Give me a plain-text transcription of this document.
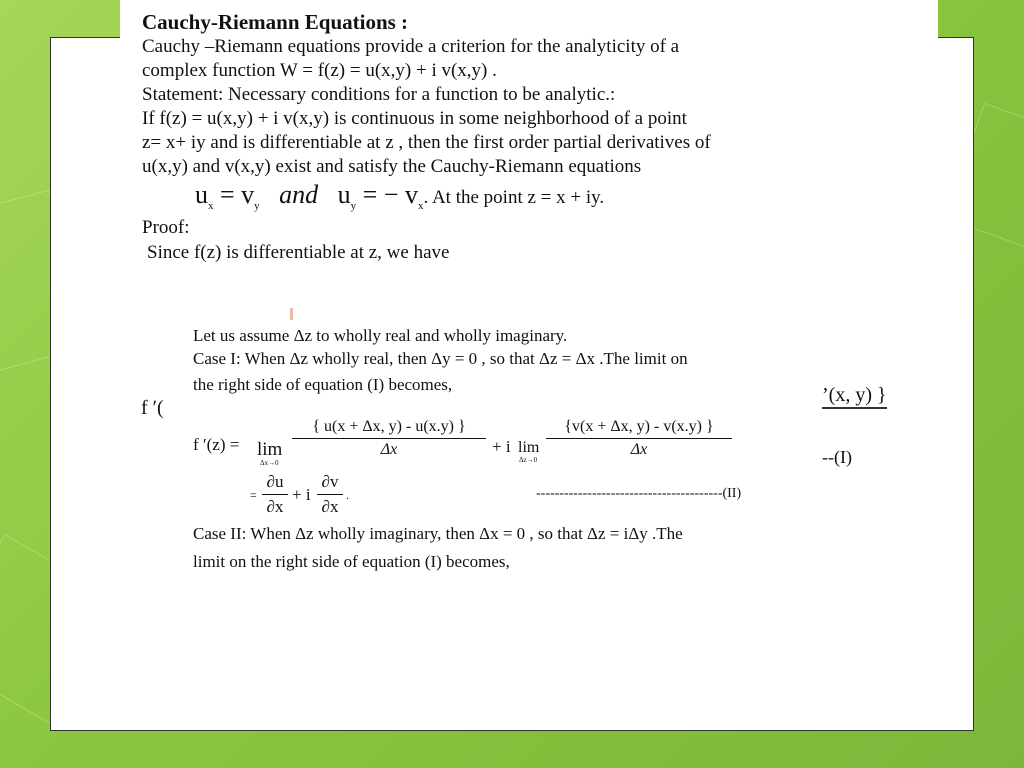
f ʹ(
’(x, y) }
--(I)
Cauchy-Riemann Equations :
Cauchy –Riemann equations provide a criterion for the analyticity of a
complex function W = f(z) = u(x,y) + i v(x,y) .
Statement: Necessary conditions for a function to be analytic.:
If f(z) = u(x,y) + i v(x,y) is continuous in some neighborhood of a point
z= x+ iy and is differentiable at z , then the first order partial derivatives of
u(x,y) and v(x,y) exist and satisfy the Cauchy-Riemann equations
$u_x = v_y$ and $u_y$ = − $v_x$. At the point z = x + iy.
Proof:
Since f(z) is differentiable at z, we have
Let us assume Δz to wholly real and wholly imaginary.
Case I: When Δz wholly real, then Δy = 0 , so that Δz = Δx .The limit on
the right side of equation (I) becomes,
f ʹ(z) = lim
Δx→0
$\frac{\{ u(x + \Delta x, y) - u(x.y) \}}{\Delta x} + i$ lim
Δz→0
$\frac{\{v(x + \Delta x, y) - v(x.y) \}}{\Delta x}$
= $\frac{\partial u}{\partial x} + i \frac{\partial v}{\partial x}$ .	----------------------------------------(II)
Case II: When Δz wholly imaginary, then Δx = 0 , so that Δz = iΔy .The
limit on the right side of equation (I) becomes,
